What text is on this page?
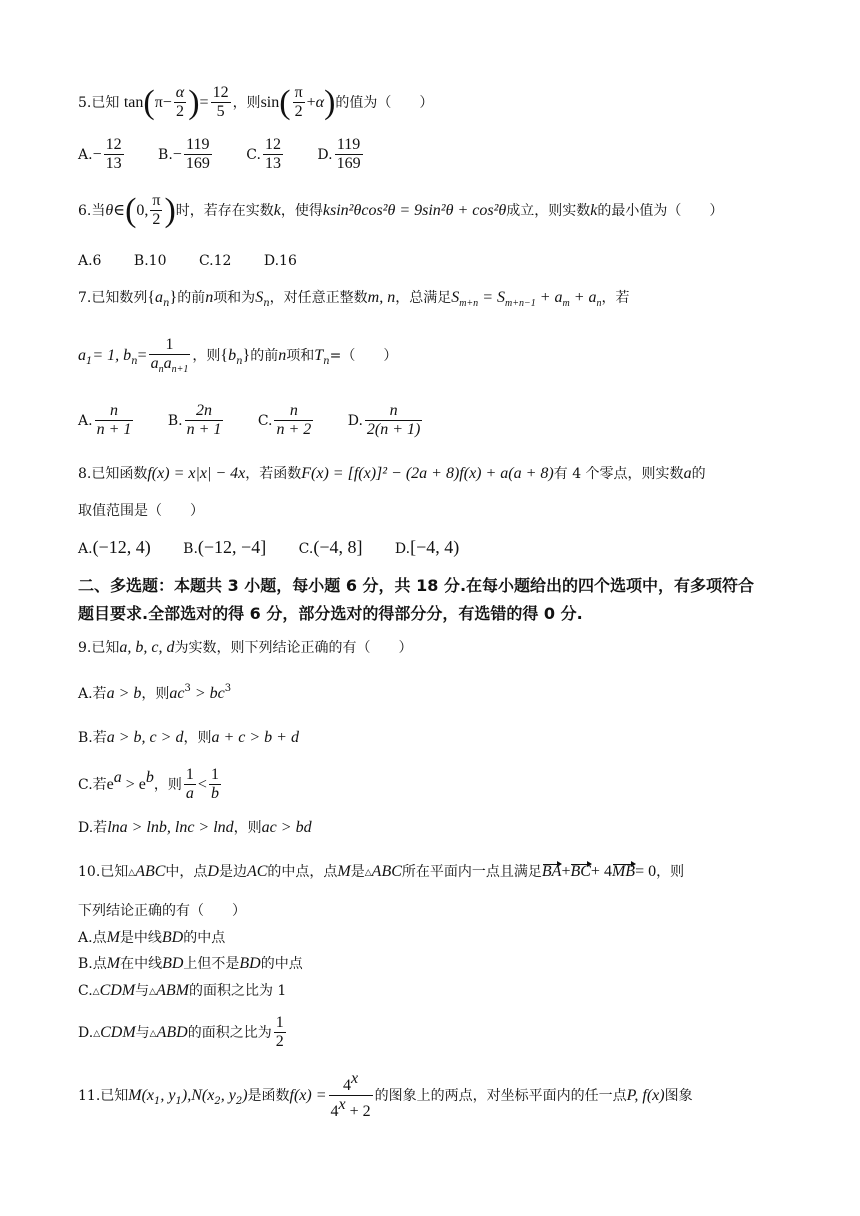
5.已知 $\tan(\pi- \frac{\alpha}{2}$ )= $\frac{12}{5}$ ，则$\sin( \frac{\pi}{2} +\alpha)$的值为（　　）
$A.- \frac{12}{13} B.- \frac{119}{169} C$. $\frac{12}{13} D$. $\frac{119}{169}$
6.当θ∈(0, $\frac{\pi}{2}$ )时，若存在实数k，使得ksin²θcos²θ = 9sin²θ + cos²θ成立，则实数k的最小值为（　　）
A.6 B.10 C.12 D.16
7.已知数列$\{a_n\}$的前n项和为$S_n$，对任意正整数m, n，总满足$S_{m+n} = S_{m+n-1} + a_m + a_n$，若
$a_1= 1$, $b_n= \frac{1}{a_na_{n+1}}$ ，则$\{b_n\}$的前n项和$T_n=$（　　）
A. $\frac{n}{n + 1} B$. $\frac{2n}{n + 1} C$. $\frac{n}{n + 2} D$. $\frac{n}{2(n + 1)}$
8.已知函数f(x) = x|x| − 4x，若函数F(x) = [f(x)]² − (2a + 8)f(x) + a(a + 8)有 4 个零点，则实数a的
取值范围是（　　）
A.(−12, 4) B.(−12, −4] C.(−4, 8] D.[−4, 4)
二、多选题：本题共 3 小题，每小题 6 分，共 18 分.在每小题给出的四个选项中，有多项符合
题目要求.全部选对的得 6 分，部分选对的得部分分，有选错的得 0 分.
9.已知a, b, c, d为实数，则下列结论正确的有（　　）
A.若a > b，则$ac^3 > bc^3$
B.若a > b, c > d，则a + c > b + d
C.若$e^a > e^b$，则 $\frac{1}{a} < \frac{1}{b}$
D.若lna > lnb, lnc > lnd，则ac > bd
10.已知△ABC中，点D是边AC的中点，点M是△ABC所在平面内一点且满足BA+BC+ 4MB= 0，则
下列结论正确的有（　　）
A.点M是中线BD的中点
B.点M在中线BD上但不是BD的中点
C.△CDM与△ABM的面积之比为 1
D.△CDM与△ABD的面积之比为 $\frac{1}{2}$
11.已知$M(x_1$, $y_1),N(x_2$, $y_2$)是函数$f(x) = \frac{4^x}{4^x + 2}$ 的图象上的两点，对坐标平面内的任一点P, f(x)图象
